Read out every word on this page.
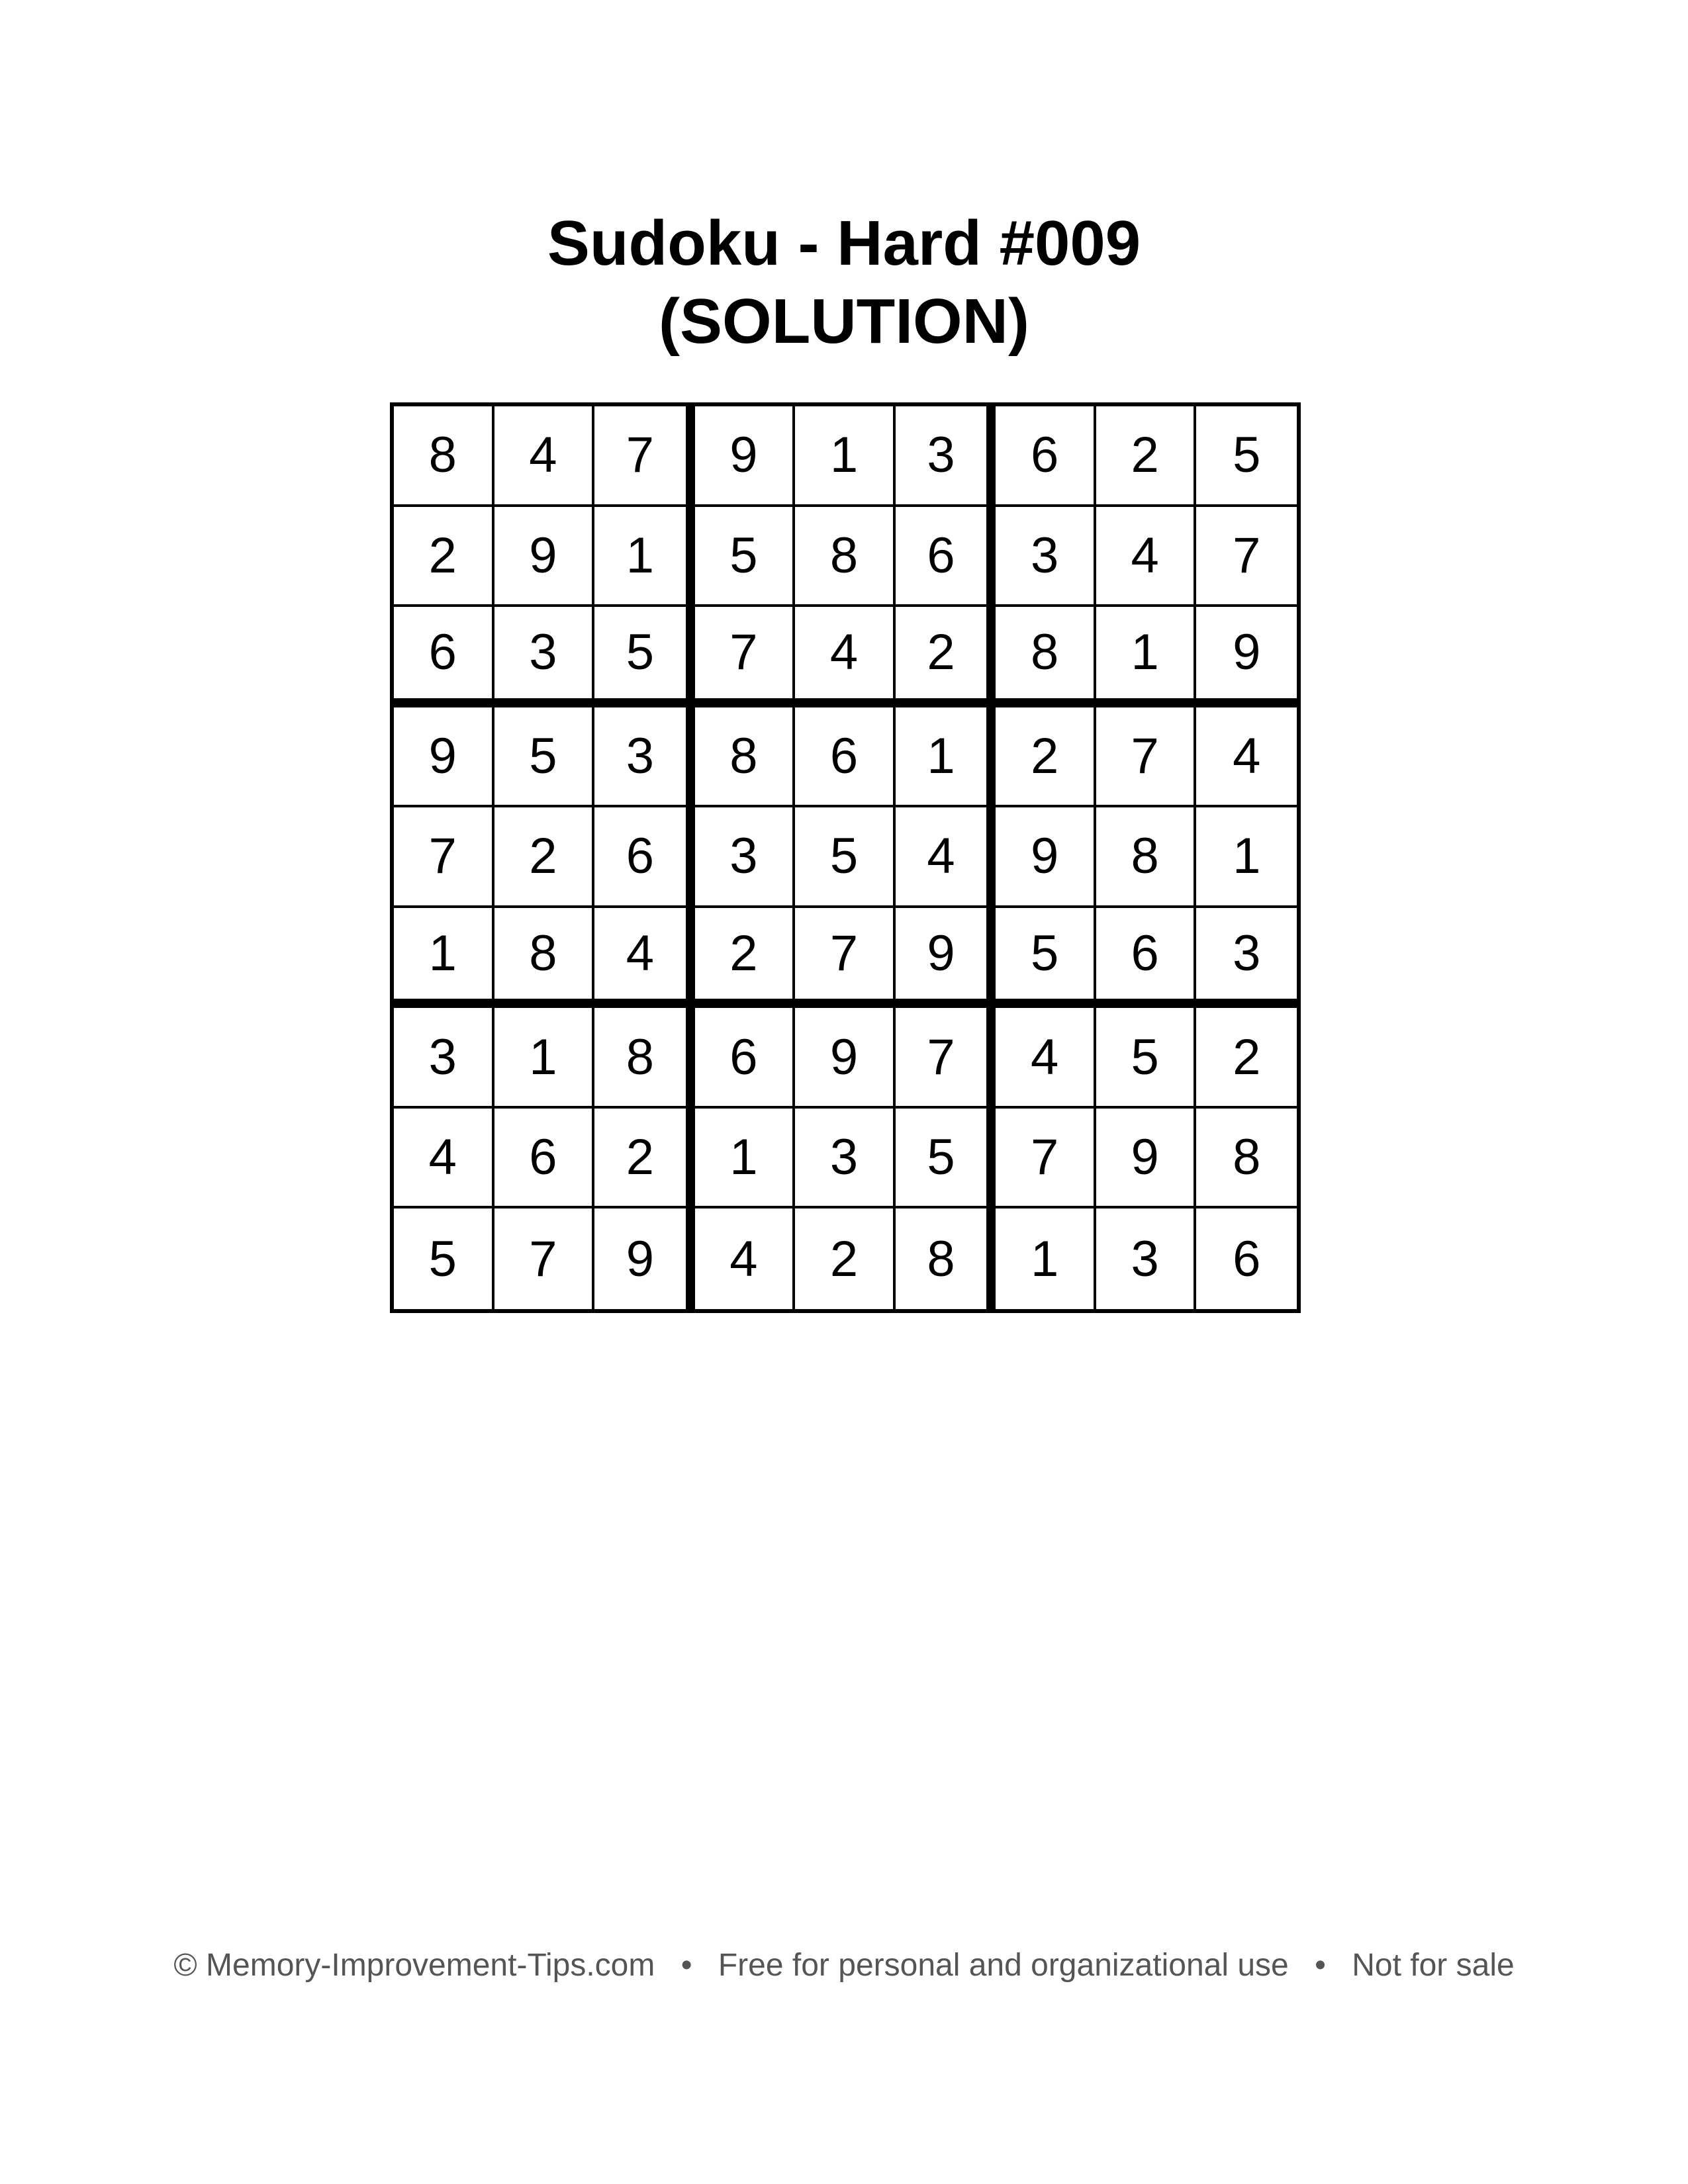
Sudoku - Hard #009
(SOLUTION)
8	4	7	9	1	3	6	2	5
2	9	1	5	8	6	3	4	7
6	3	5	7	4	2	8	1	9
9	5	3	8	6	1	2	7	4
7	2	6	3	5	4	9	8	1
1	8	4	2	7	9	5	6	3
3	1	8	6	9	7	4	5	2
4	6	2	1	3	5	7	9	8
5	7	9	4	2	8	1	3	6
© Memory-Improvement-Tips.com • Free for personal and organizational use • Not for sale
